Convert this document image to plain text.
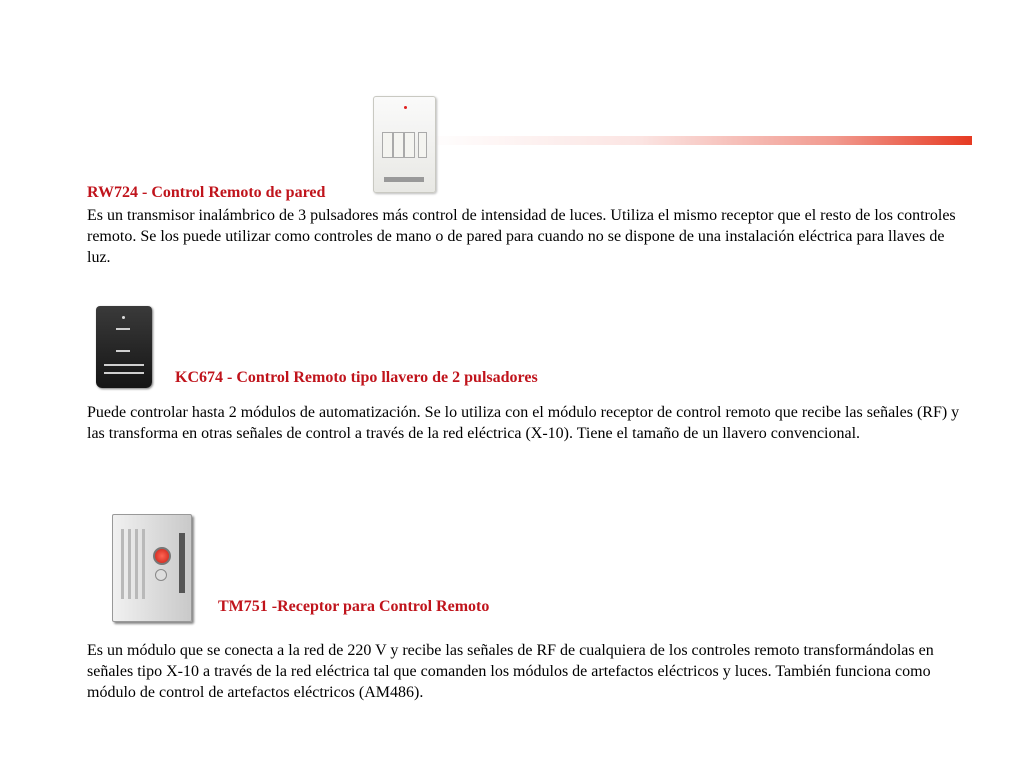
RW724 - Control Remoto de pared
Es un transmisor inalámbrico de 3 pulsadores más control de intensidad de luces. Utiliza el mismo receptor que el resto de los controles remoto. Se los puede utilizar como controles de mano o de pared para cuando no se dispone de una instalación eléctrica para llaves de luz.
KC674 - Control Remoto tipo llavero de 2 pulsadores
Puede controlar hasta 2 módulos de automatización. Se lo utiliza con el módulo receptor de control remoto que recibe las señales (RF) y las transforma en otras señales de control a través de la red eléctrica (X-10). Tiene el tamaño de un llavero convencional.
TM751 -Receptor para Control Remoto
Es un módulo que se conecta a la red de 220 V y recibe las señales de RF de cualquiera de los controles remoto transformándolas en señales tipo X-10 a través de la red eléctrica tal que comanden los módulos de artefactos eléctricos y luces. También funciona como módulo de control de artefactos eléctricos (AM486).
